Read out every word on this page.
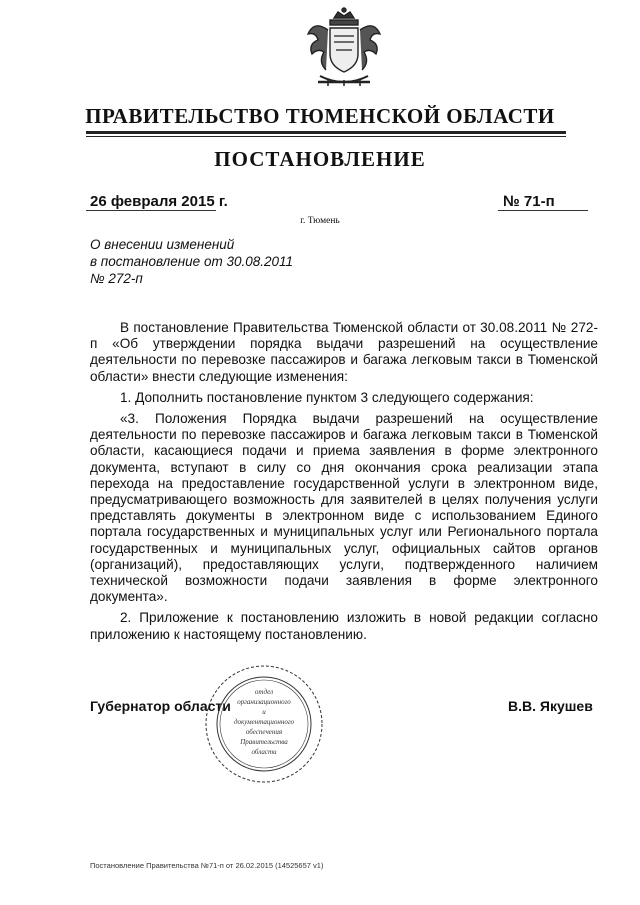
ПРАВИТЕЛЬСТВО ТЮМЕНСКОЙ ОБЛАСТИ
ПОСТАНОВЛЕНИЕ
26 февраля 2015 г.	№ 71-п
г. Тюмень
О внесении изменений
в постановление от 30.08.2011
№ 272-п

В постановление Правительства Тюменской области от 30.08.2011 № 272-п «Об утверждении порядка выдачи разрешений на осуществление деятельности по перевозке пассажиров и багажа легковым такси в Тюменской области» внести следующие изменения:

1. Дополнить постановление пунктом 3 следующего содержания:

«3. Положения Порядка выдачи разрешений на осуществление деятельности по перевозке пассажиров и багажа легковым такси в Тюменской области, касающиеся подачи и приема заявления в форме электронного документа, вступают в силу со дня окончания срока реализации этапа перехода на предоставление государственной услуги в электронном виде, предусматривающего возможность для заявителей в целях получения услуги представлять документы в электронном виде с использованием Единого портала государственных и муниципальных услуг или Регионального портала государственных и муниципальных услуг, официальных сайтов органов (организаций), предоставляющих услуги, подтвержденного наличием технической возможности подачи заявления в форме электронного документа».

2. Приложение к постановлению изложить в новой редакции согласно приложению к настоящему постановлению.

Губернатор области	В.В. Якушев
отдел
организационного
и
документационного
обеспечения
Правительства
области
Постановление Правительства №71-п от 26.02.2015 (14525657 v1)
